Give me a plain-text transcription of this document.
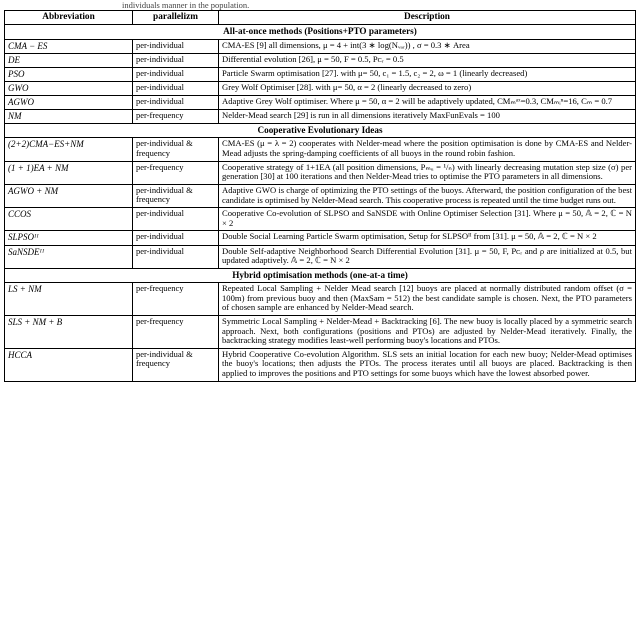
individuals manner in the population.
Abbreviation	parallelizm	Description
All-at-once methods (Positions+PTO parameters)		
CMA − ES	per-individual	CMA-ES [9] all dimensions, μ = 4 + int(3 ∗ log(Nᵥₐᵣ)) , σ = 0.3 ∗ Area
DE	per-individual	Differential evolution [26], μ = 50, F = 0.5, Pᴄᵣ = 0.5
PSO	per-individual	Particle Swarm optimisation [27]. with μ= 50, c₁ = 1.5, c₂ = 2, ω = 1 (linearly decreased)
GWO	per-individual	Grey Wolf Optimiser [28]. with μ= 50, α = 2 (linearly decreased to zero)
AGWO	per-individual	Adaptive Grey Wolf optimiser. Where μ = 50, α = 2 will be adaptively updated, CMₘᵃˣ=0.3, CMₘᵢⁿ=16, Cₘ = 0.7
NM	per-frequency	Nelder-Mead search [29] is run in all dimensions iteratively MaxFunEvals = 100
Cooperative Evolutionary Ideas		
(2+2)CMA−ES+NM	per-individual & frequency	CMA-ES (μ = λ = 2) cooperates with Nelder-mead where the position optimisation is done by CMA-ES and Nelder-Mead adjusts the spring-damping coefficients of all buoys in the round robin fashion.
(1 + 1)EA + NM	per-frequency	Cooperative strategy of 1+1EA (all position dimensions, Pₘᵤ = ¹/ₙ) with linearly decreasing mutation step size (σ) per generation [30] at 100 iterations and then Nelder-Mead tries to optimise the PTO parameters in all dimensions.
AGWO + NM	per-individual & frequency	Adaptive GWO is charge of optimizing the PTO settings of the buoys. Afterward, the position configuration of the best candidate is optimised by Nelder-Mead search. This cooperative process is repeated until the time budget runs out.
CCOS	per-individual	Cooperative Co-evolution of SLPSO and SaNSDE with Online Optimiser Selection [31]. Where μ = 50, 𝔸 = 2, ℂ = N × 2
SLPSOᴵᴵ	per-individual	Double Social Learning Particle Swarm optimisation, Setup for SLPSOᴵᴵ from [31]. μ = 50, 𝔸 = 2, ℂ = N × 2
SaNSDEᴵᴵ	per-individual	Double Self-adaptive Neighborhood Search Differential Evolution [31]. μ = 50, F, Pᴄᵣ and ρ are initialized at 0.5, but updated adaptively. 𝔸 = 2, ℂ = N × 2
Hybrid optimisation methods (one-at-a time)		
LS + NM	per-frequency	Repeated Local Sampling + Nelder Mead search [12] buoys are placed at normally distributed random offset (σ = 100m) from previous buoy and then (MaxSam = 512) the best candidate sample is chosen. Next, the PTO parameters of chosen sample are enhanced by Nelder-Mead search.
SLS + NM + B	per-frequency	Symmetric Local Sampling + Nelder-Mead + Backtracking [6]. The new buoy is locally placed by a symmetric search approach. Next, both configurations (positions and PTOs) are adjusted by Nelder-Mead iteratively. Finally, the backtracking strategy modifies least-well performing buoy's locations and PTOs.
HCCA	per-individual & frequency	Hybrid Cooperative Co-evolution Algorithm. SLS sets an initial location for each new buoy; Nelder-Mead optimises the buoy's locations; then adjusts the PTOs. The process iterates until all buoys are placed. Backtracking is then applied to improves the positions and PTO settings for some buoys which have the lowest absorbed power.
